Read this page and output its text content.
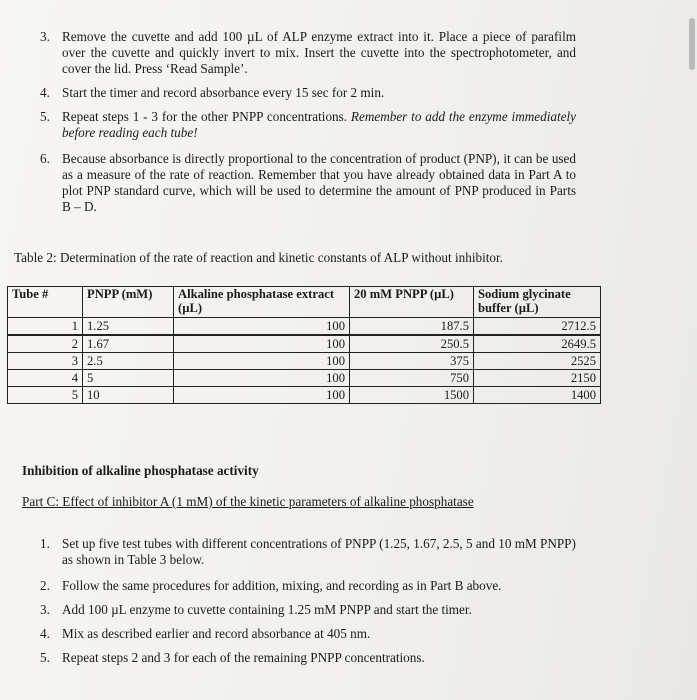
3. Remove the cuvette and add 100 µL of ALP enzyme extract into it. Place a piece of parafilm over the cuvette and quickly invert to mix. Insert the cuvette into the spectrophotometer, and cover the lid. Press ‘Read Sample’.
4. Start the timer and record absorbance every 15 sec for 2 min.
5. Repeat steps 1 - 3 for the other PNPP concentrations. Remember to add the enzyme immediately before reading each tube!
6. Because absorbance is directly proportional to the concentration of product (PNP), it can be used as a measure of the rate of reaction. Remember that you have already obtained data in Part A to plot PNP standard curve, which will be used to determine the amount of PNP produced in Parts B – D.
Table 2: Determination of the rate of reaction and kinetic constants of ALP without inhibitor.
Tube #	PNPP (mM)	Alkaline phosphatase extract (µL)	20 mM PNPP (µL)	Sodium glycinate buffer (µL)
1	1.25	100	187.5	2712.5
2	1.67	100	250.5	2649.5
3	2.5	100	375	2525
4	5	100	750	2150
5	10	100	1500	1400
Inhibition of alkaline phosphatase activity
Part C: Effect of inhibitor A (1 mM) of the kinetic parameters of alkaline phosphatase
1. Set up five test tubes with different concentrations of PNPP (1.25, 1.67, 2.5, 5 and 10 mM PNPP) as shown in Table 3 below.
2. Follow the same procedures for addition, mixing, and recording as in Part B above.
3. Add 100 µL enzyme to cuvette containing 1.25 mM PNPP and start the timer.
4. Mix as described earlier and record absorbance at 405 nm.
5. Repeat steps 2 and 3 for each of the remaining PNPP concentrations.
